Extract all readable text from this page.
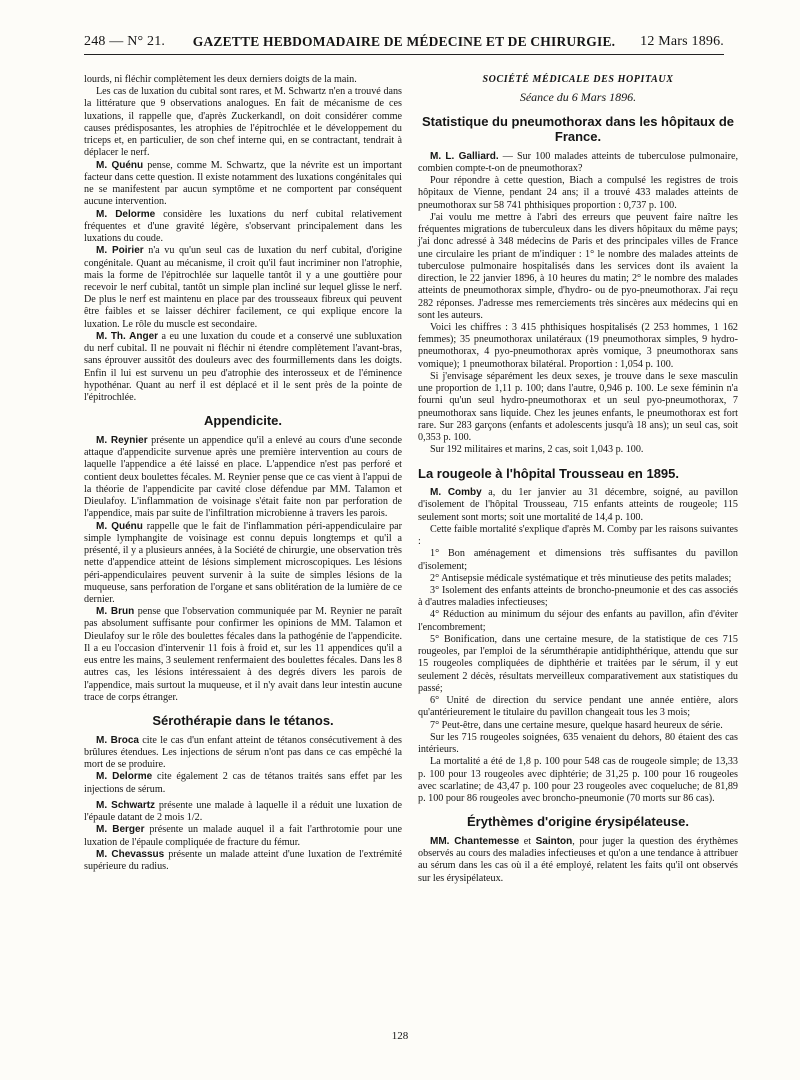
248 — N° 21.	GAZETTE HEBDOMADAIRE DE MÉDECINE ET DE CHIRURGIE.	12 Mars 1896.

lourds, ni fléchir complètement les deux derniers doigts de la main.

Les cas de luxation du cubital sont rares, et M. Schwartz n'en a trouvé dans la littérature que 9 observations analogues. En fait de mécanisme de ces luxations, il rappelle que, d'après Zuckerkandl, on doit considérer comme causes prédisposantes, les atrophies de l'épitrochlée et le développement du triceps et, en particulier, de son chef interne qui, en se contractant, tendrait à déplacer le nerf.

M. Quénu pense, comme M. Schwartz, que la névrite est un important facteur dans cette question. Il existe notamment des luxations congénitales qui ne se manifestent par aucun symptôme et ne comportent par conséquent aucune intervention.

M. Delorme considère les luxations du nerf cubital relativement fréquentes et d'une gravité légère, s'observant principalement dans les luxations du coude.

M. Poirier n'a vu qu'un seul cas de luxation du nerf cubital, d'origine congénitale. Quant au mécanisme, il croit qu'il faut incriminer non l'atrophie, mais la forme de l'épitrochlée sur laquelle tantôt il y a une gouttière pour recevoir le nerf cubital, tantôt un simple plan incliné sur lequel glisse le nerf. De plus le nerf est maintenu en place par des trousseaux fibreux qui peuvent être faibles et se laisser déchirer facilement, ce qui explique encore la luxation. Le rôle du muscle est secondaire.

M. Th. Anger a eu une luxation du coude et a conservé une subluxation du nerf cubital. Il ne pouvait ni fléchir ni étendre complètement l'avant-bras, sans éprouver aussitôt des douleurs avec des fourmillements dans les doigts. Enfin il lui est survenu un peu d'atrophie des interosseux et de l'éminence hypothénar. Quant au nerf il est déplacé et il le sent près de la pointe de l'épitrochlée.

Appendicite.

M. Reynier présente un appendice qu'il a enlevé au cours d'une seconde attaque d'appendicite survenue après une première intervention au cours de laquelle l'appendice a été laissé en place. L'appendice n'est pas perforé et contient deux boulettes fécales. M. Reynier pense que ce cas vient à l'appui de la théorie de l'appendicite par cavité close défendue par MM. Talamon et Dieulafoy. L'inflammation de voisinage s'était faite non par perforation de l'appendice, mais par suite de l'infiltration microbienne à travers les parois.

M. Quénu rappelle que le fait de l'inflammation péri-appendiculaire par simple lymphangite de voisinage est connu depuis longtemps et qu'il a présenté, il y a plusieurs années, à la Société de chirurgie, une observation très nette d'appendice atteint de lésions simplement microscopiques. Les lésions péri-appendiculaires peuvent survenir à la suite de simples lésions de la muqueuse, sans perforation de l'organe et sans oblitération de la lumière de ce dernier.

M. Brun pense que l'observation communiquée par M. Reynier ne paraît pas absolument suffisante pour confirmer les opinions de MM. Talamon et Dieulafoy sur le rôle des boulettes fécales dans la pathogénie de l'appendicite. Il a eu l'occasion d'intervenir 11 fois à froid et, sur les 11 appendices qu'il a eus entre les mains, 3 seulement renfermaient des boulettes fécales. Dans les 8 autres cas, les lésions intéressaient à des degrés divers les parois de l'appendice, mais surtout la muqueuse, et il n'y avait dans leur intestin aucune trace de corps étranger.

Sérothérapie dans le tétanos.

M. Broca cite le cas d'un enfant atteint de tétanos consécutivement à des brûlures étendues. Les injections de sérum n'ont pas dans ce cas empêché la mort de se produire.

M. Delorme cite également 2 cas de tétanos traités sans effet par les injections de sérum.

M. Schwartz présente une malade à laquelle il a réduit une luxation de l'épaule datant de 2 mois 1/2.

M. Berger présente un malade auquel il a fait l'arthrotomie pour une luxation de l'épaule compliquée de fracture du fémur.

M. Chevassus présente un malade atteint d'une luxation de l'extrémité supérieure du radius.

SOCIÉTÉ MÉDICALE DES HOPITAUX
Séance du 6 Mars 1896.
Statistique du pneumothorax dans les hôpitaux de France.

M. L. Galliard. — Sur 100 malades atteints de tuberculose pulmonaire, combien compte-t-on de pneumothorax?

Pour répondre à cette question, Biach a compulsé les registres de trois hôpitaux de Vienne, pendant 24 ans; il a trouvé 433 malades atteints de pneumothorax sur 58 741 phthisiques proportion : 0,737 p. 100.

J'ai voulu me mettre à l'abri des erreurs que peuvent faire naître les fréquentes migrations de tuberculeux dans les divers hôpitaux du même pays; j'ai donc adressé à 348 médecins de Paris et des principales villes de France une circulaire les priant de m'indiquer : 1° le nombre des malades atteints de tuberculose pulmonaire hospitalisés dans les services dont ils avaient la direction, le 22 janvier 1896, à 10 heures du matin; 2° le nombre des malades atteints de pneumothorax simple, d'hydro- ou de pyo-pneumothorax. J'ai reçu 282 réponses. J'adresse mes remerciements très sincères aux médecins qui en sont les auteurs.

Voici les chiffres : 3 415 phthisiques hospitalisés (2 253 hommes, 1 162 femmes); 35 pneumothorax unilatéraux (19 pneumothorax simples, 9 hydro-pneumothorax, 4 pyo-pneumothorax après vomique, 3 pneumothorax sans vomique); 1 pneumothorax bilatéral. Proportion : 1,054 p. 100.

Si j'envisage séparément les deux sexes, je trouve dans le sexe masculin une proportion de 1,11 p. 100; dans l'autre, 0,946 p. 100. Le sexe féminin n'a fourni qu'un seul hydro-pneumothorax et un seul pyo-pneumothorax, 7 pneumothorax sans liquide. Chez les jeunes enfants, le pneumothorax est fort rare. Sur 283 garçons (enfants et adolescents jusqu'à 18 ans); un seul cas, soit 0,353 p. 100.

Sur 192 militaires et marins, 2 cas, soit 1,043 p. 100.

La rougeole à l'hôpital Trousseau en 1895.

M. Comby a, du 1er janvier au 31 décembre, soigné, au pavillon d'isolement de l'hôpital Trousseau, 715 enfants atteints de rougeole; 115 seulement sont morts; soit une mortalité de 14,4 p. 100.

Cette faible mortalité s'explique d'après M. Comby par les raisons suivantes :

1° Bon aménagement et dimensions très suffisantes du pavillon d'isolement;

2° Antisepsie médicale systématique et très minutieuse des petits malades;

3° Isolement des enfants atteints de broncho-pneumonie et des cas associés à d'autres maladies infectieuses;

4° Réduction au minimum du séjour des enfants au pavillon, afin d'éviter l'encombrement;

5° Bonification, dans une certaine mesure, de la statistique de ces 715 rougeoles, par l'emploi de la sérumthérapie antidiphthérique, attendu que sur 15 rougeoles compliquées de diphthérie et traitées par le sérum, il y eut seulement 2 décès, résultats merveilleux comparativement aux statistiques du passé;

6° Unité de direction du service pendant une année entière, alors qu'antérieurement le titulaire du pavillon changeait tous les 3 mois;

7° Peut-être, dans une certaine mesure, quelque hasard heureux de série.

Sur les 715 rougeoles soignées, 635 venaient du dehors, 80 étaient des cas intérieurs.

La mortalité a été de 1,8 p. 100 pour 548 cas de rougeole simple; de 13,33 p. 100 pour 13 rougeoles avec diphtérie; de 31,25 p. 100 pour 16 rougeoles avec scarlatine; de 43,47 p. 100 pour 23 rougeoles avec coqueluche; de 81,89 p. 100 pour 86 rougeoles avec broncho-pneumonie (70 morts sur 86 cas).

Érythèmes d'origine érysipélateuse.

MM. Chantemesse et Sainton, pour juger la question des érythèmes observés au cours des maladies infectieuses et qu'on a une tendance à attribuer au sérum dans les cas où il a été employé, relatent les faits qu'il ont observés sur les érysipélateux.

128
